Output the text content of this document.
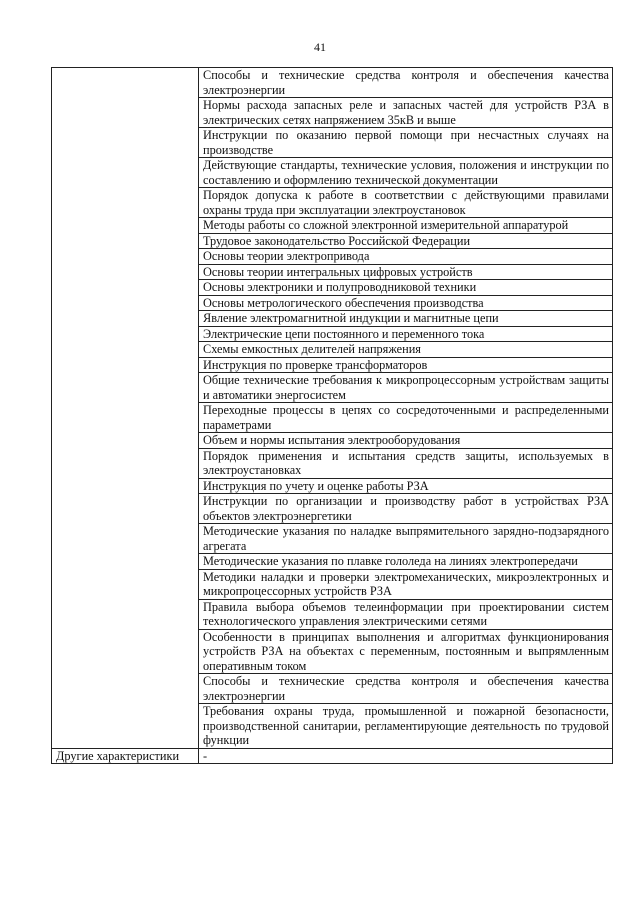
41
	Способы и технические средства контроля и обеспечения качества электроэнергии
	Нормы расхода запасных реле и запасных частей для устройств РЗА в электрических сетях напряжением 35кВ и выше
	Инструкции по оказанию первой помощи при несчастных случаях на производстве
	Действующие стандарты, технические условия, положения и инструкции по составлению и оформлению технической документации
	Порядок допуска к работе в соответствии с действующими правилами охраны труда при эксплуатации электроустановок
	Методы работы со сложной электронной измерительной аппаратурой
	Трудовое законодательство Российской Федерации
	Основы теории электропривода
	Основы теории интегральных цифровых устройств
	Основы электроники и полупроводниковой техники
	Основы метрологического обеспечения производства
	Явление электромагнитной индукции и магнитные цепи
	Электрические цепи постоянного и переменного тока
	Схемы емкостных делителей напряжения
	Инструкция по проверке трансформаторов
	Общие технические требования к микропроцессорным устройствам защиты и автоматики энергосистем
	Переходные процессы в цепях со сосредоточенными и распределенными параметрами
	Объем и нормы испытания электрооборудования
	Порядок применения и испытания средств защиты, используемых в электроустановках
	Инструкция по учету и оценке работы РЗА
	Инструкции по организации и производству работ в устройствах РЗА объектов электроэнергетики
	Методические указания по наладке выпрямительного зарядно-подзарядного агрегата
	Методические указания по плавке гололеда на линиях электропередачи
	Методики наладки и проверки электромеханических, микроэлектронных и микропроцессорных устройств РЗА
	Правила выбора объемов телеинформации при проектировании систем технологического управления электрическими сетями
	Особенности в принципах выполнения и алгоритмах функционирования устройств РЗА на объектах с переменным, постоянным и выпрямленным оперативным током
	Способы и технические средства контроля и обеспечения качества электроэнергии
	Требования охраны труда, промышленной и пожарной безопасности, производственной санитарии, регламентирующие деятельность по трудовой функции
Другие характеристики	-
